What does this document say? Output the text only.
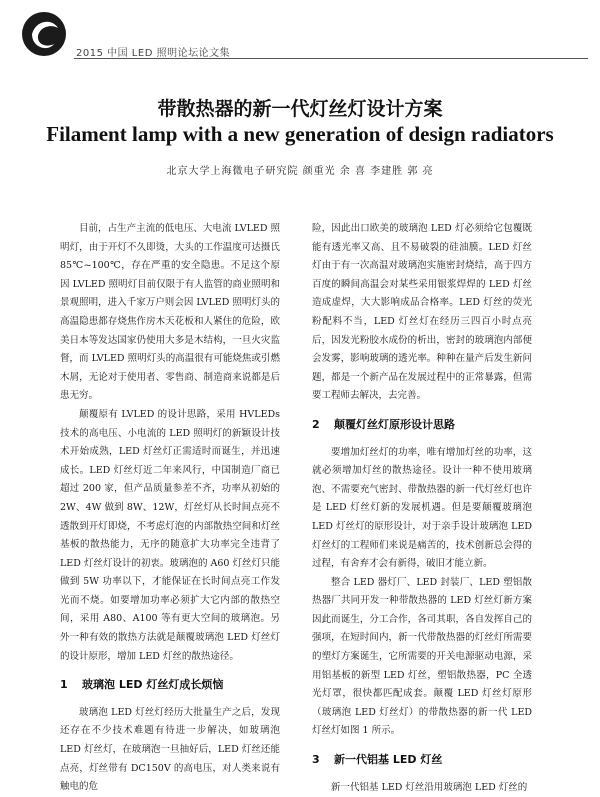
2015 中国 LED 照明论坛论文集
带散热器的新一代灯丝灯设计方案
Filament lamp with a new generation of design radiators
北京大学上海微电子研究院 颜重光 余 喜 李建胜 郭 亮

目前，占生产主流的低电压、大电流 LVLED 照明灯，由于开灯不久即烫，大头的工作温度可达摄氏 85℃~100℃，存在严重的安全隐患。不足这个原因 LVLED 照明灯目前仅限于有人监管的商业照明和景观照明，进入千家万户则会因 LVLED 照明灯头的高温隐患都存烧焦作房木天花板和人紧住的危险，欧美日本等发达国家仍使用大多是木结构，一旦火灾监督，而 LVLED 照明灯头的高温很有可能烧焦或引燃木屑，无论对于使用者、零售商、制造商来说都是后患无穷。

颠覆原有 LVLED 的设计思路，采用 HVLEDs 技术的高电压、小电流的 LED 照明灯的新颖设计技术开始成熟，LED 灯丝灯正需适时而诞生，并迅速成长。LED 灯丝灯近二年来风行，中国制造厂商已超过 200 家，但产品质量参差不齐，功率从初始的 2W、4W 做到 8W、12W，灯丝灯从长时间点亮不透散到开灯即烧，不考虑灯泡的内部散热空间和灯丝基板的散热能力，无序的随意扩大功率完全违背了 LED 灯丝灯设计的初衷。玻璃泡的 A60 灯丝灯只能做到 5W 功率以下，才能保证在长时间点亮工作发光而不烧。如要增加功率必须扩大它内部的散热空间，采用 A80、A100 等有更大空间的玻璃泡。另外一种有效的散热方法就是颠覆玻璃泡 LED 灯丝灯的设计原形，增加 LED 灯丝的散热途径。

1 玻璃泡 LED 灯丝灯成长烦恼

玻璃泡 LED 灯丝灯经历大批量生产之后，发现还存在不少技术难题有待进一步解决，如玻璃泡 LED 灯丝灯，在玻璃泡一旦抽好后，LED 灯丝还能点亮，灯丝带有 DC150V 的高电压，对人类来说有触电的危

险，因此出口欧美的玻璃泡 LED 灯必须给它包覆既能有透光率又高、且不易破裂的硅油膜。LED 灯丝灯由于有一次高温对玻璃泡实施密封烧结，高于四方百度的瞬间高温会对某些采用银浆焊焊的 LED 灯丝造成虚焊，大大影响成品合格率。LED 灯丝的荧光粉配料不当，LED 灯丝灯在经历三四百小时点亮后，因发光粉胶水成份的析出，密封的玻璃泡内部便会发雾，影响玻璃的透光率。种种在量产后发生新问题，都是一个新产品在发展过程中的正常暴露，但需要工程师去解决，去完善。

2 颠覆灯丝灯原形设计思路

要增加灯丝灯的功率，唯有增加灯丝的功率，这就必须增加灯丝的散热途径。设计一种不使用玻璃泡、不需要充气密封、带散热器的新一代灯丝灯也许是 LED 灯丝灯新的发展机遇。但是要颠覆玻璃泡 LED 灯丝灯的原形设计，对于亲手设计玻璃泡 LED 灯丝灯的工程师们来说是痛苦的，技术创新总会得的过程，有舍弃才会有新得，破旧才能立新。

整合 LED 器灯厂、LED 封装厂、LED 塑铝散热器厂共同开发一种带散热器的 LED 灯丝灯新方案因此而诞生，分工合作，各司其职，各自发挥自己的强项，在短时间内，新一代带散热器的灯丝灯所需要的塑灯方案诞生，它所需要的开关电源驱动电源，采用铝基板的新型 LED 灯丝，塑铝散热器，PC 全透光灯罩，很快都匹配成套。颠覆 LED 灯丝灯原形（玻璃泡 LED 灯丝灯）的带散热器的新一代 LED 灯丝灯如图 1 所示。

3 新一代铝基 LED 灯丝

新一代铝基 LED 灯丝沿用玻璃泡 LED 灯丝的
